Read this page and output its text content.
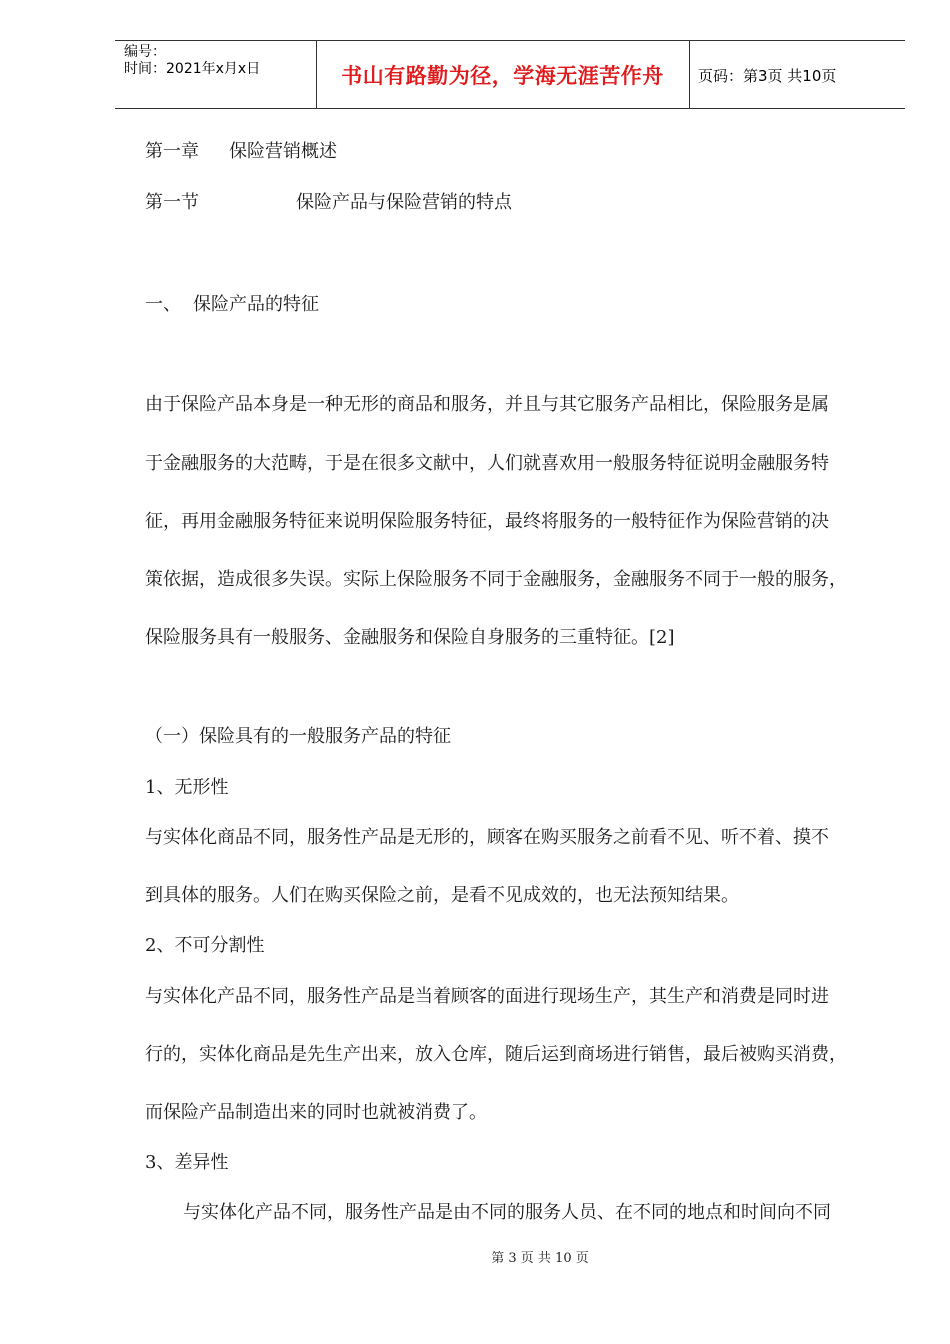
编号：
时间：2021年x月x日	书山有路勤为径，学海无涯苦作舟	页码：第3页 共10页
第一章 保险营销概述
第一节	保险产品与保险营销的特点
一、 保险产品的特征
由于保险产品本身是一种无形的商品和服务，并且与其它服务产品相比，保险服务是属
于金融服务的大范畴，于是在很多文献中，人们就喜欢用一般服务特征说明金融服务特
征，再用金融服务特征来说明保险服务特征，最终将服务的一般特征作为保险营销的决
策依据，造成很多失误。实际上保险服务不同于金融服务，金融服务不同于一般的服务，
保险服务具有一般服务、金融服务和保险自身服务的三重特征。[2]
（一）保险具有的一般服务产品的特征
1、无形性
与实体化商品不同，服务性产品是无形的，顾客在购买服务之前看不见、听不着、摸不
到具体的服务。人们在购买保险之前，是看不见成效的，也无法预知结果。
2、不可分割性
与实体化产品不同，服务性产品是当着顾客的面进行现场生产，其生产和消费是同时进
行的，实体化商品是先生产出来，放入仓库，随后运到商场进行销售，最后被购买消费，
而保险产品制造出来的同时也就被消费了。
3、差异性
与实体化产品不同，服务性产品是由不同的服务人员、在不同的地点和时间向不同
第 3 页 共 10 页
